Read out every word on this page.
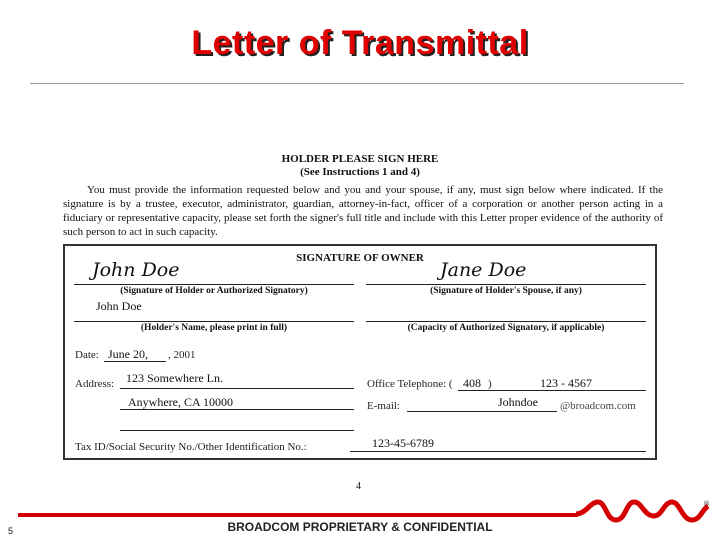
Letter of Transmittal
HOLDER PLEASE SIGN HERE
(See Instructions 1 and 4)
You must provide the information requested below and you and your spouse, if any, must sign below where indicated. If the signature is by a trustee, executor, administrator, guardian, attorney-in-fact, officer of a corporation or another person acting in a fiduciary or representative capacity, please set forth the signer's full title and include with this Letter proper evidence of the authority of such person to act in such capacity.
SIGNATURE OF OWNER
John Doe
(Signature of Holder or Authorized Signatory)
Jane Doe
(Signature of Holder's Spouse, if any)
John Doe
(Holder's Name, please print in full)	(Capacity of Authorized Signatory, if applicable)
Date: June 20, , 2001
Address: 123 Somewhere Ln.
Anywhere, CA 10000
Office Telephone: ( 408 )	123 - 4567
E-mail:	Johndoe @broadcom.com
Tax ID/Social Security No./Other Identification No.:	123-45-6789
4
®
BROADCOM PROPRIETARY & CONFIDENTIAL
5
